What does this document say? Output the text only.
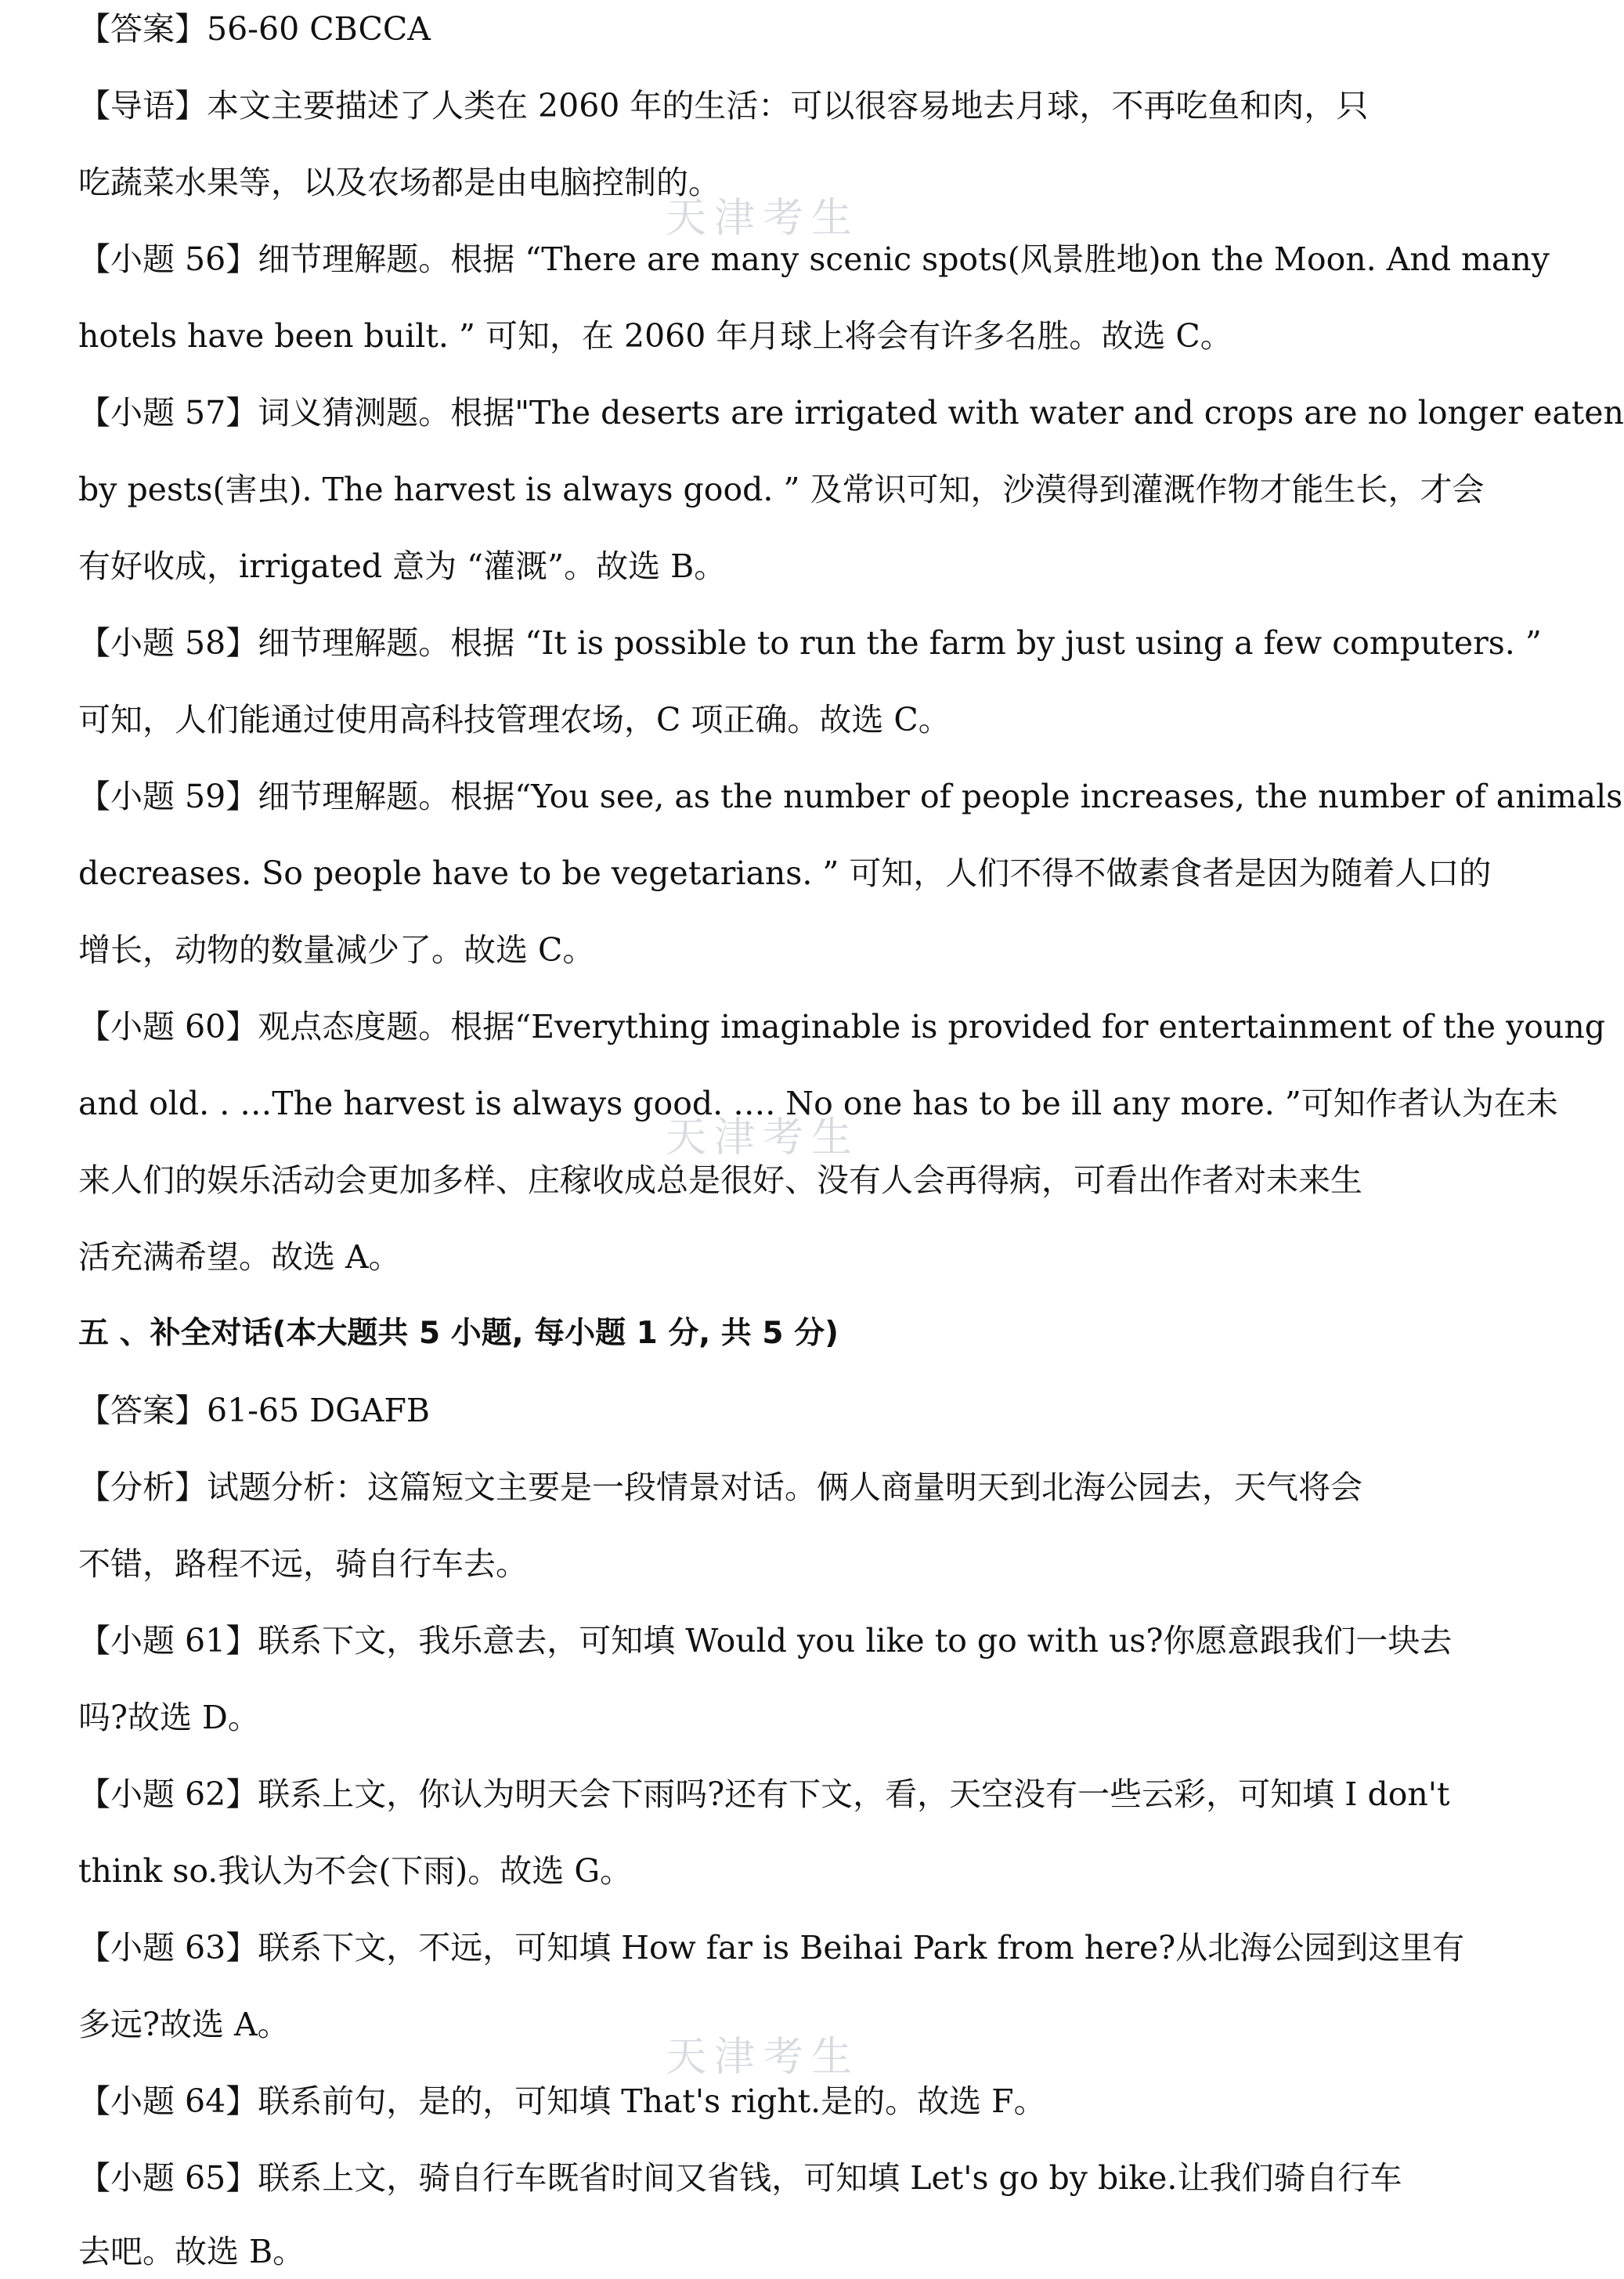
【答案】56-60 CBCCA
【导语】本文主要描述了人类在 2060 年的生活：可以很容易地去月球，不再吃鱼和肉，只
吃蔬菜水果等，以及农场都是由电脑控制的。
天津考生
【小题 56】细节理解题。根据 “There are many scenic spots(风景胜地)on the Moon. And many
hotels have been built. ” 可知，在 2060 年月球上将会有许多名胜。故选 C。
【小题 57】词义猜测题。根据"The deserts are irrigated with water and crops are no longer eaten
by pests(害虫). The harvest is always good. ” 及常识可知，沙漠得到灌溉作物才能生长，才会
有好收成，irrigated 意为 “灌溉”。故选 B。
【小题 58】细节理解题。根据 “It is possible to run the farm by just using a few computers. ”
可知，人们能通过使用高科技管理农场，C 项正确。故选 C。
【小题 59】细节理解题。根据“You see, as the number of people increases, the number of animals
decreases. So people have to be vegetarians. ” 可知，人们不得不做素食者是因为随着人口的
增长，动物的数量减少了。故选 C。
【小题 60】观点态度题。根据“Everything imaginable is provided for entertainment of the young
and old. . …The harvest is always good. …. No one has to be ill any more. ”可知作者认为在未
天津考生
来人们的娱乐活动会更加多样、庄稼收成总是很好、没有人会再得病，可看出作者对未来生
活充满希望。故选 A。
五 、补全对话(本大题共 5 小题, 每小题 1 分, 共 5 分)
【答案】61-65 DGAFB
【分析】试题分析：这篇短文主要是一段情景对话。俩人商量明天到北海公园去，天气将会
不错，路程不远，骑自行车去。
【小题 61】联系下文，我乐意去，可知填 Would you like to go with us?你愿意跟我们一块去
吗?故选 D。
【小题 62】联系上文，你认为明天会下雨吗?还有下文，看，天空没有一些云彩，可知填 I don't
think so.我认为不会(下雨)。故选 G。
【小题 63】联系下文，不远，可知填 How far is Beihai Park from here?从北海公园到这里有
多远?故选 A。
天津考生
【小题 64】联系前句，是的，可知填 That's right.是的。故选 F。
【小题 65】联系上文，骑自行车既省时间又省钱，可知填 Let's go by bike.让我们骑自行车
去吧。故选 B。
